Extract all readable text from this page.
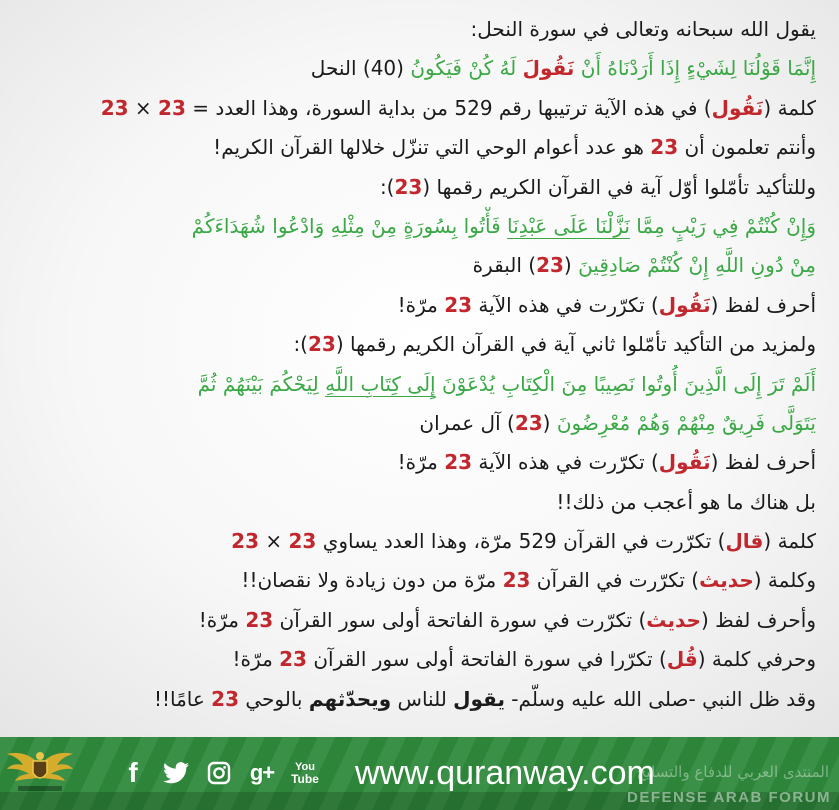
يقول الله سبحانه وتعالى في سورة النحل:
إِنَّمَا قَوْلُنَا لِشَيْءٍ إِذَا أَرَدْنَاهُ أَنْ نَقُولَ لَهُ كُنْ فَيَكُونُ (40) النحل
كلمة (نَقُول) في هذه الآية ترتيبها رقم 529 من بداية السورة، وهذا العدد = 23 × 23
وأنتم تعلمون أن 23 هو عدد أعوام الوحي التي تنزّل خلالها القرآن الكريم!
وللتأكيد تأمّلوا أوّل آية في القرآن الكريم رقمها (23):
وَإِنْ كُنْتُمْ فِي رَيْبٍ مِمَّا نَزَّلْنَا عَلَى عَبْدِنَا فَأْتُوا بِسُورَةٍ مِنْ مِثْلِهِ وَادْعُوا شُهَدَاءَكُمْ
مِنْ دُونِ اللَّهِ إِنْ كُنْتُمْ صَادِقِينَ (23) البقرة
أحرف لفظ (نَقُول) تكرّرت في هذه الآية 23 مرّة!
ولمزيد من التأكيد تأمّلوا ثاني آية في القرآن الكريم رقمها (23):
أَلَمْ تَرَ إِلَى الَّذِينَ أُوتُوا نَصِيبًا مِنَ الْكِتَابِ يُدْعَوْنَ إِلَى كِتَابِ اللَّهِ لِيَحْكُمَ بَيْنَهُمْ ثُمَّ
يَتَوَلَّى فَرِيقٌ مِنْهُمْ وَهُمْ مُعْرِضُونَ (23) آل عمران
أحرف لفظ (نَقُول) تكرّرت في هذه الآية 23 مرّة!
بل هناك ما هو أعجب من ذلك!!
كلمة (قال) تكرّرت في القرآن 529 مرّة، وهذا العدد يساوي 23 × 23
وكلمة (حديث) تكرّرت في القرآن 23 مرّة من دون زيادة ولا نقصان!!
وأحرف لفظ (حديث) تكرّرت في سورة الفاتحة أولى سور القرآن 23 مرّة!
وحرفي كلمة (قُل) تكرّرا في سورة الفاتحة أولى سور القرآن 23 مرّة!
وقد ظل النبي -صلى الله عليه وسلّم- يقول للناس ويحدّثهم بالوحي 23 عامًا!!
f	g+ You
Tube www.quranway.com
المنتدى العربي للدفاع والتسليح
DEFENSE ARAB FORUM
